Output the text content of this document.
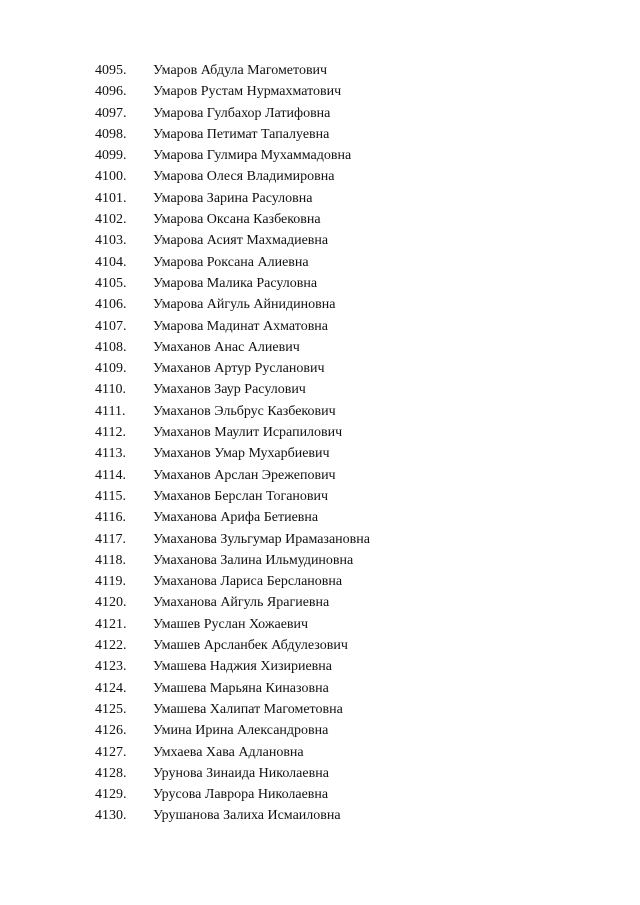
4095.	Умаров Абдула Магометович
4096.	Умаров Рустам Нурмахматович
4097.	Умарова Гулбахор Латифовна
4098.	Умарова Петимат Тапалуевна
4099.	Умарова Гулмира Мухаммадовна
4100.	Умарова Олеся Владимировна
4101.	Умарова Зарина Расуловна
4102.	Умарова Оксана Казбековна
4103.	Умарова Асият Махмадиевна
4104.	Умарова Роксана Алиевна
4105.	Умарова Малика Расуловна
4106.	Умарова Айгуль Айнидиновна
4107.	Умарова Мадинат Ахматовна
4108.	Умаханов Анас Алиевич
4109.	Умаханов Артур Русланович
4110.	Умаханов Заур Расулович
4111.	Умаханов Эльбрус Казбекович
4112.	Умаханов Маулит Исрапилович
4113.	Умаханов Умар Мухарбиевич
4114.	Умаханов Арслан Эрежепович
4115.	Умаханов Берслан Тоганович
4116.	Умаханова Арифа Бетиевна
4117.	Умаханова Зульгумар Ирамазановна
4118.	Умаханова Залина Ильмудиновна
4119.	Умаханова Лариса Берслановна
4120.	Умаханова Айгуль Ярагиевна
4121.	Умашев Руслан Хожаевич
4122.	Умашев Арсланбек Абдулезович
4123.	Умашева Наджия Хизириевна
4124.	Умашева Марьяна Киназовна
4125.	Умашева Халипат Магометовна
4126.	Умина Ирина Александровна
4127.	Умхаева Хава Адлановна
4128.	Урунова Зинаида Николаевна
4129.	Урусова Лаврора Николаевна
4130.	Урушанова Залиха Исмаиловна
